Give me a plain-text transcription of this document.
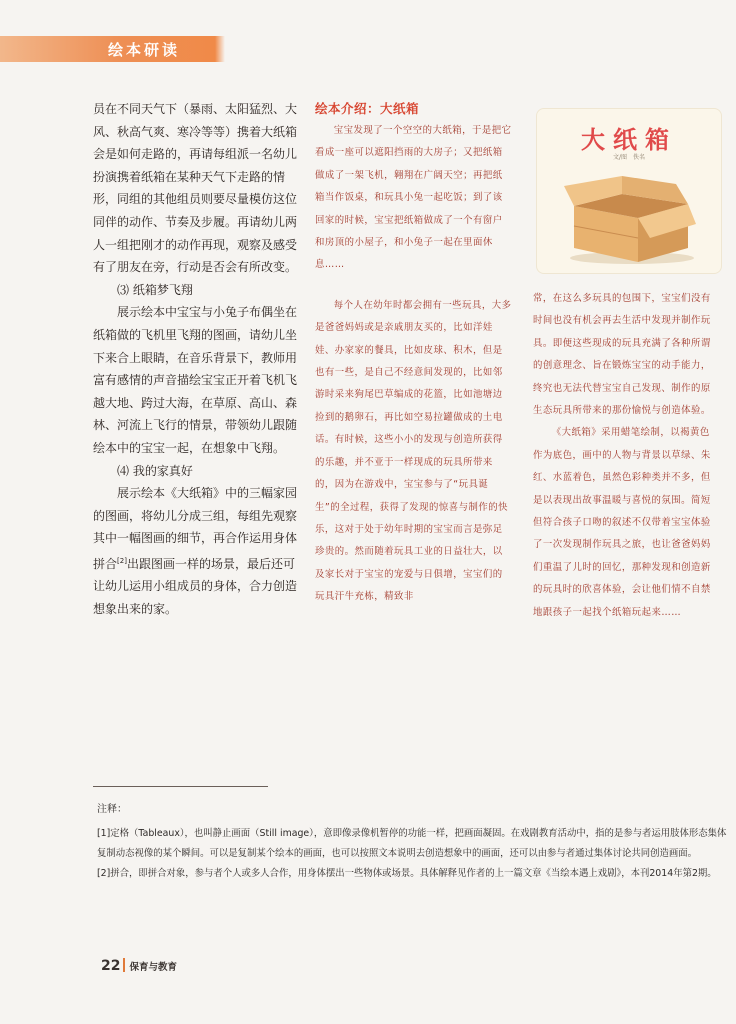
绘本研读

员在不同天气下（暴雨、太阳猛烈、大风、秋高气爽、寒冷等等）携着大纸箱会是如何走路的，再请每组派一名幼儿扮演携着纸箱在某种天气下走路的情形，同组的其他组员则要尽量模仿这位同伴的动作、节奏及步履。再请幼儿两人一组把刚才的动作再现，观察及感受有了朋友在旁，行动是否会有所改变。

⑶ 纸箱梦飞翔

展示绘本中宝宝与小兔子布偶坐在纸箱做的飞机里飞翔的图画，请幼儿坐下来合上眼睛，在音乐背景下，教师用富有感情的声音描绘宝宝正开着飞机飞越大地、跨过大海，在草原、高山、森林、河流上飞行的情景，带领幼儿跟随绘本中的宝宝一起，在想象中飞翔。

⑷ 我的家真好

展示绘本《大纸箱》中的三幅家园的图画，将幼儿分成三组，每组先观察其中一幅图画的细节，再合作运用身体拼合[2]出跟图画一样的场景，最后还可让幼儿运用小组成员的身体，合力创造想象出来的家。

绘本介绍：大纸箱

宝宝发现了一个空空的大纸箱，于是把它看成一座可以遮阳挡雨的大房子；又把纸箱做成了一架飞机，翱翔在广阔天空；再把纸箱当作饭桌，和玩具小兔一起吃饭；到了该回家的时候，宝宝把纸箱做成了一个有窗户和房顶的小屋子，和小兔子一起在里面休息……

每个人在幼年时都会拥有一些玩具，大多是爸爸妈妈或是亲戚朋友买的，比如洋娃娃、办家家的餐具，比如皮球、积木，但是也有一些，是自己不经意间发现的，比如邻游时采来狗尾巴草编成的花篮，比如池塘边捡到的鹅卵石，再比如空易拉罐做成的土电话。有时候，这些小小的发现与创造所获得的乐趣，并不亚于一样现成的玩具所带来的，因为在游戏中，宝宝参与了“玩具诞生”的全过程，获得了发现的惊喜与制作的快乐，这对于处于幼年时期的宝宝而言是弥足珍贵的。然而随着玩具工业的日益壮大，以及家长对于宝宝的宠爱与日俱增，宝宝们的玩具汗牛充栋，精致非

大纸箱
文/图　佚名

常，在这么多玩具的包围下，宝宝们没有时间也没有机会再去生活中发现并制作玩具。即便这些现成的玩具充满了各种所谓的创意理念、旨在锻炼宝宝的动手能力，终究也无法代替宝宝自己发现、制作的原生态玩具所带来的那份愉悦与创造体验。

《大纸箱》采用蜡笔绘制，以褐黄色作为底色，画中的人物与背景以草绿、朱红、水蓝着色，虽然色彩种类并不多，但是以表现出故事温暖与喜悦的氛围。简短但符合孩子口吻的叙述不仅带着宝宝体验了一次发现制作玩具之旅，也让爸爸妈妈们重温了儿时的回忆，那种发现和创造新的玩具时的欣喜体验，会让他们情不自禁地跟孩子一起找个纸箱玩起来……

注释：

[1]定格（Tableaux），也叫静止画面（Still image），意即像录像机暂停的功能一样，把画面凝固。在戏剧教育活动中，指的是参与者运用肢体形态集体复制动态视像的某个瞬间。可以是复制某个绘本的画面，也可以按照文本说明去创造想象中的画面，还可以由参与者通过集体讨论共同创造画面。

[2]拼合，即拼合对象，参与者个人或多人合作，用身体摆出一些物体或场景。具体解释见作者的上一篇文章《当绘本遇上戏剧》，本刊2014年第2期。

22 保育与教育
